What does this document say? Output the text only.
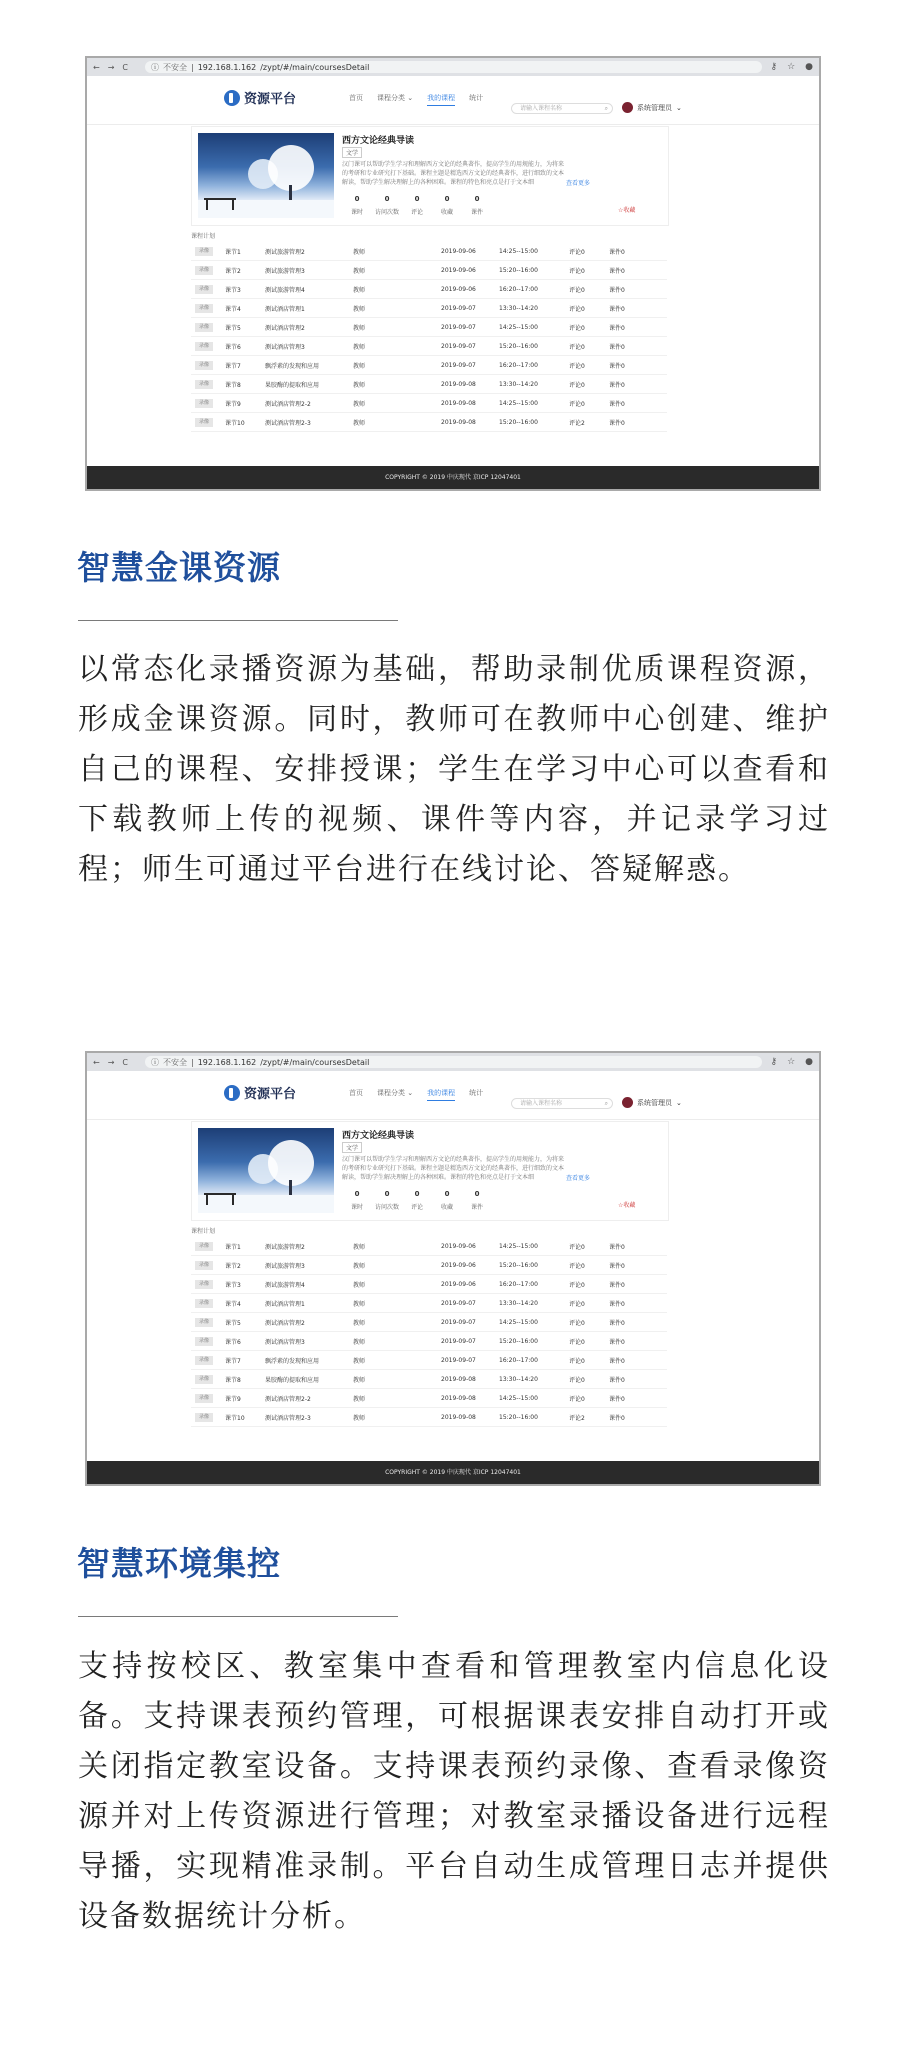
← → C	ⓘ 不安全 | 192.168.1.162 /zypt/#/main/coursesDetail	⚷ ☆ ●
资源平台	首页 课程分类 ⌄ 我的课程 统计
请输入课程名称	⌕	系统管理员 ⌄
西方文论经典导读
文学
汉门课可以帮助学生学习和理解西方文论的经典著作，提高学生的用规能力，为将来的考研和专业研究打下基础。课程主题是精选西方文论的经典著作，进行细致的文本解读，帮助学生解决理解上的各种困难。课程的特色和亮点是打于文本细	查看更多
0
课时
0
访问次数
0
评论
0
收藏
0
课件	☆收藏
课程计划
录像	课节1	测试旅游管理2	教师	2019-09-06	14:25--15:00	评论0	课件0
录像	课节2	测试旅游管理3	教师	2019-09-06	15:20--16:00	评论0	课件0
录像	课节3	测试旅游管理4	教师	2019-09-06	16:20--17:00	评论0	课件0
录像	课节4	测试酒店管理1	教师	2019-09-07	13:30--14:20	评论0	课件0
录像	课节5	测试酒店管理2	教师	2019-09-07	14:25--15:00	评论0	课件0
录像	课节6	测试酒店管理3	教师	2019-09-07	15:20--16:00	评论0	课件0
录像	课节7	飘浮素的发现和应用	教师	2019-09-07	16:20--17:00	评论0	课件0
录像	课节8	果胶酶的提取和应用	教师	2019-09-08	13:30--14:20	评论0	课件0
录像	课节9	测试酒店管理2-2	教师	2019-09-08	14:25--15:00	评论0	课件0
录像	课节10	测试酒店管理2-3	教师	2019-09-08	15:20--16:00	评论2	课件0
COPYRIGHT © 2019 中庆现代 京ICP 12047401
智慧金课资源

以常态化录播资源为基础，帮助录制优质课程资源，形成金课资源。同时，教师可在教师中心创建、维护自己的课程、安排授课；学生在学习中心可以查看和下载教师上传的视频、课件等内容，并记录学习过程；师生可通过平台进行在线讨论、答疑解惑。

← → C	ⓘ 不安全 | 192.168.1.162 /zypt/#/main/coursesDetail	⚷ ☆ ●
资源平台	首页 课程分类 ⌄ 我的课程 统计
请输入课程名称	⌕	系统管理员 ⌄
西方文论经典导读
文学
汉门课可以帮助学生学习和理解西方文论的经典著作，提高学生的用规能力，为将来的考研和专业研究打下基础。课程主题是精选西方文论的经典著作，进行细致的文本解读，帮助学生解决理解上的各种困难。课程的特色和亮点是打于文本细	查看更多
0
课时
0
访问次数
0
评论
0
收藏
0
课件	☆收藏
课程计划
录像	课节1	测试旅游管理2	教师	2019-09-06	14:25--15:00	评论0	课件0
录像	课节2	测试旅游管理3	教师	2019-09-06	15:20--16:00	评论0	课件0
录像	课节3	测试旅游管理4	教师	2019-09-06	16:20--17:00	评论0	课件0
录像	课节4	测试酒店管理1	教师	2019-09-07	13:30--14:20	评论0	课件0
录像	课节5	测试酒店管理2	教师	2019-09-07	14:25--15:00	评论0	课件0
录像	课节6	测试酒店管理3	教师	2019-09-07	15:20--16:00	评论0	课件0
录像	课节7	飘浮素的发现和应用	教师	2019-09-07	16:20--17:00	评论0	课件0
录像	课节8	果胶酶的提取和应用	教师	2019-09-08	13:30--14:20	评论0	课件0
录像	课节9	测试酒店管理2-2	教师	2019-09-08	14:25--15:00	评论0	课件0
录像	课节10	测试酒店管理2-3	教师	2019-09-08	15:20--16:00	评论2	课件0
COPYRIGHT © 2019 中庆现代 京ICP 12047401
智慧环境集控

支持按校区、教室集中查看和管理教室内信息化设备。支持课表预约管理，可根据课表安排自动打开或关闭指定教室设备。支持课表预约录像、查看录像资源并对上传资源进行管理；对教室录播设备进行远程导播，实现精准录制。平台自动生成管理日志并提供设备数据统计分析。
